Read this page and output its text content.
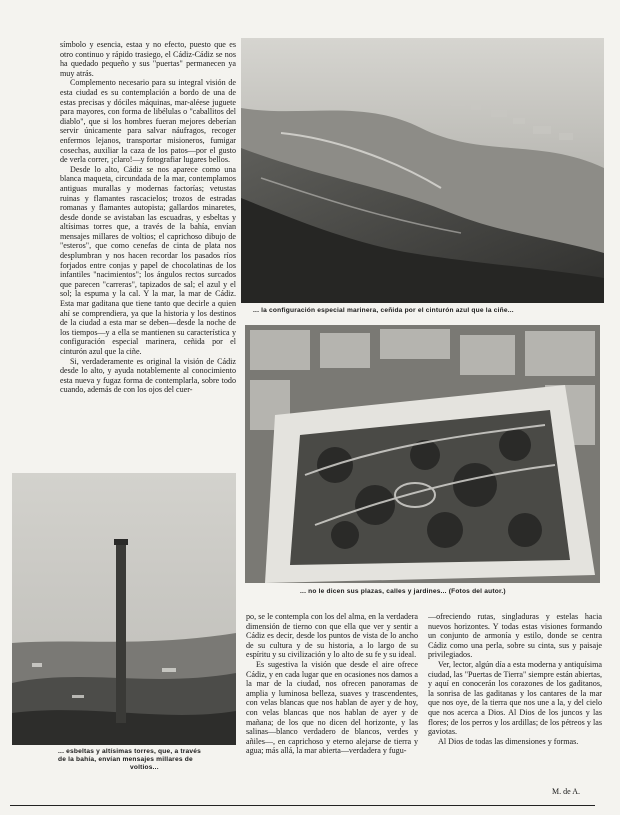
símbolo y esencia, estaa y no efecto, puesto que es otro continuo y rápido trasiego, el Cádiz-Cádiz se nos ha quedado pequeño y sus "puertas" permanecen ya muy atrás.

Complemento necesario para su integral visión de esta ciudad es su contemplación a bordo de una de estas precisas y dóciles máquinas, mar-aléese juguete para mayores, con forma de libélulas o "caballitos del diablo", que si los hombres fueran mejores deberían servir únicamente para salvar náufragos, recoger enfermos lejanos, transportar misioneros, fumigar cosechas, auxiliar la caza de los patos—por el gusto de verla correr, ¡claro!—y fotografiar lugares bellos.

Desde lo alto, Cádiz se nos aparece como una blanca maqueta, circundada de la mar, contemplamos antiguas murallas y modernas factorías; vetustas ruinas y flamantes rascacielos; trozos de estradas romanas y flamantes autopista; gallardos minaretes, desde donde se avistaban las escuadras, y esbeltas y altísimas torres que, a través de la bahía, envían mensajes millares de voltios; el caprichoso dibujo de "esteros", que como cenefas de cinta de plata nos desplumbran y nos hacen recordar los pasados ríos forjados entre conjas y papel de chocolatinas de los infantiles "nacimientos"; los ángulos rectos surcados que parecen "carreras", tapizados de sal; el azul y el sol; la espuma y la cal. Y la mar, la mar de Cádiz. Esta mar gaditana que tiene tanto que decirle a quien ahí se comprendiera, ya que la historia y los destinos de la ciudad a esta mar se deben—desde la noche de los tiempos—y a ella se mantienen su característica y configuración especial marinera, ceñida por el cinturón azul que la ciñe.

Si, verdaderamente es original la visión de Cádiz desde lo alto, y ayuda notablemente al conocimiento esta nueva y fugaz forma de contemplarla, sobre todo cuando, además de con los ojos del cuer-

... la configuración especial marinera, ceñida por el cinturón azul que la ciñe...
... no le dicen sus plazas, calles y jardines... (Fotos del autor.)
... esbeltas y altísimas torres, que, a través
de la bahía, envían mensajes millares de
voltios...

po, se le contempla con los del alma, en la verdadera dimensión de tierno con que ella que ver y sentir a Cádiz es decir, desde los puntos de vista de lo ancho de su cultura y de su historia, a lo largo de su espíritu y su civilización y lo alto de su fe y su ideal.

Es sugestiva la visión que desde el aire ofrece Cádiz, y en cada lugar que en ocasiones nos damos a la mar de la ciudad, nos ofrecen panoramas de amplia y luminosa belleza, suaves y trascendentes, con velas blancas que nos hablan de ayer y de hoy, con velas blancas que nos hablan de ayer y de mañana; de los que no dicen del horizonte, y las salinas—blanco verdadero de blancos, verdes y añiles—, en caprichoso y eterno alejarse de tierra y agua; más allá, la mar abierta—verdadera y fugu-

—ofreciendo rutas, singladuras y estelas hacia nuevos horizontes. Y todas estas visiones formando un conjunto de armonía y estilo, donde se centra Cádiz como una perla, sobre su cinta, sus y paisaje privilegiados.

Ver, lector, algún día a esta moderna y antiquísima ciudad, las "Puertas de Tierra" siempre están abiertas, y aquí en conocerán los corazones de los gaditanos, la sonrisa de las gaditanas y los cantares de la mar que nos oye, de la tierra que nos une a la, y del cielo que nos acerca a Dios. Al Dios de los juncos y las flores; de los perros y los ardillas; de los pétreos y las gaviotas.

Al Dios de todas las dimensiones y formas.

M. de A.
